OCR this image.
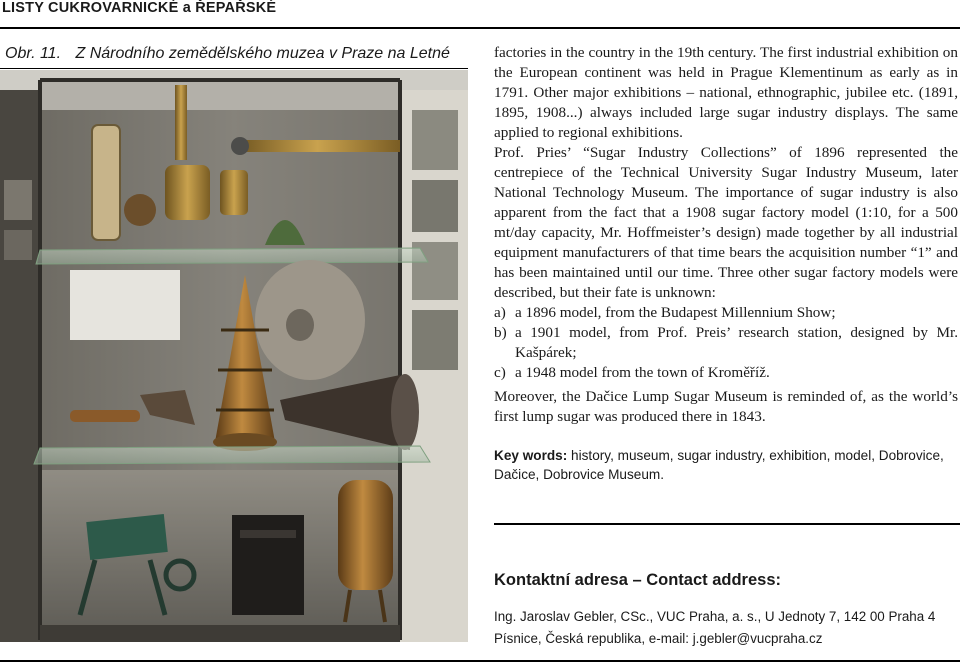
LISTY CUKROVARNICKÉ a ŘEPAŘSKÉ
Obr. 11. Z Národního zemědělského muzea v Praze na Letné	factories in the country in the 19th century. The first industrial exhibition on the European continent was held in Prague Klementinum as early as in 1791. Other major exhibitions – national, ethnographic, jubilee etc. (1891, 1895, 1908...) always included large sugar industry displays. The same applied to regional exhibitions.

Prof. Pries’ “Sugar Industry Collections” of 1896 represented the centrepiece of the Technical University Sugar Industry Museum, later National Technology Museum. The importance of sugar industry is also apparent from the fact that a 1908 sugar factory model (1:10, for a 500 mt/day capacity, Mr. Hoffmeister’s design) made together by all industrial equipment manufacturers of that time bears the acquisition number “1” and has been maintained until our time. Three other sugar factory models were described, but their fate is unknown:

a) a 1896 model, from the Budapest Millennium Show;
b) a 1901 model, from Prof. Preis’ research station, designed by Mr. Kašpárek;
c) a 1948 model from the town of Kroměříž.

Moreover, the Dačice Lump Sugar Museum is reminded of, as the world’s first lump sugar was produced there in 1843.

Key words: history, museum, sugar industry, exhibition, model, Dobrovice, Dačice, Dobrovice Museum.
Kontaktní adresa – Contact address:
Ing. Jaroslav Gebler, CSc., VUC Praha, a. s., U Jednoty 7, 142 00 Praha 4
Písnice, Česká republika, e-mail: j.gebler@vucpraha.cz
